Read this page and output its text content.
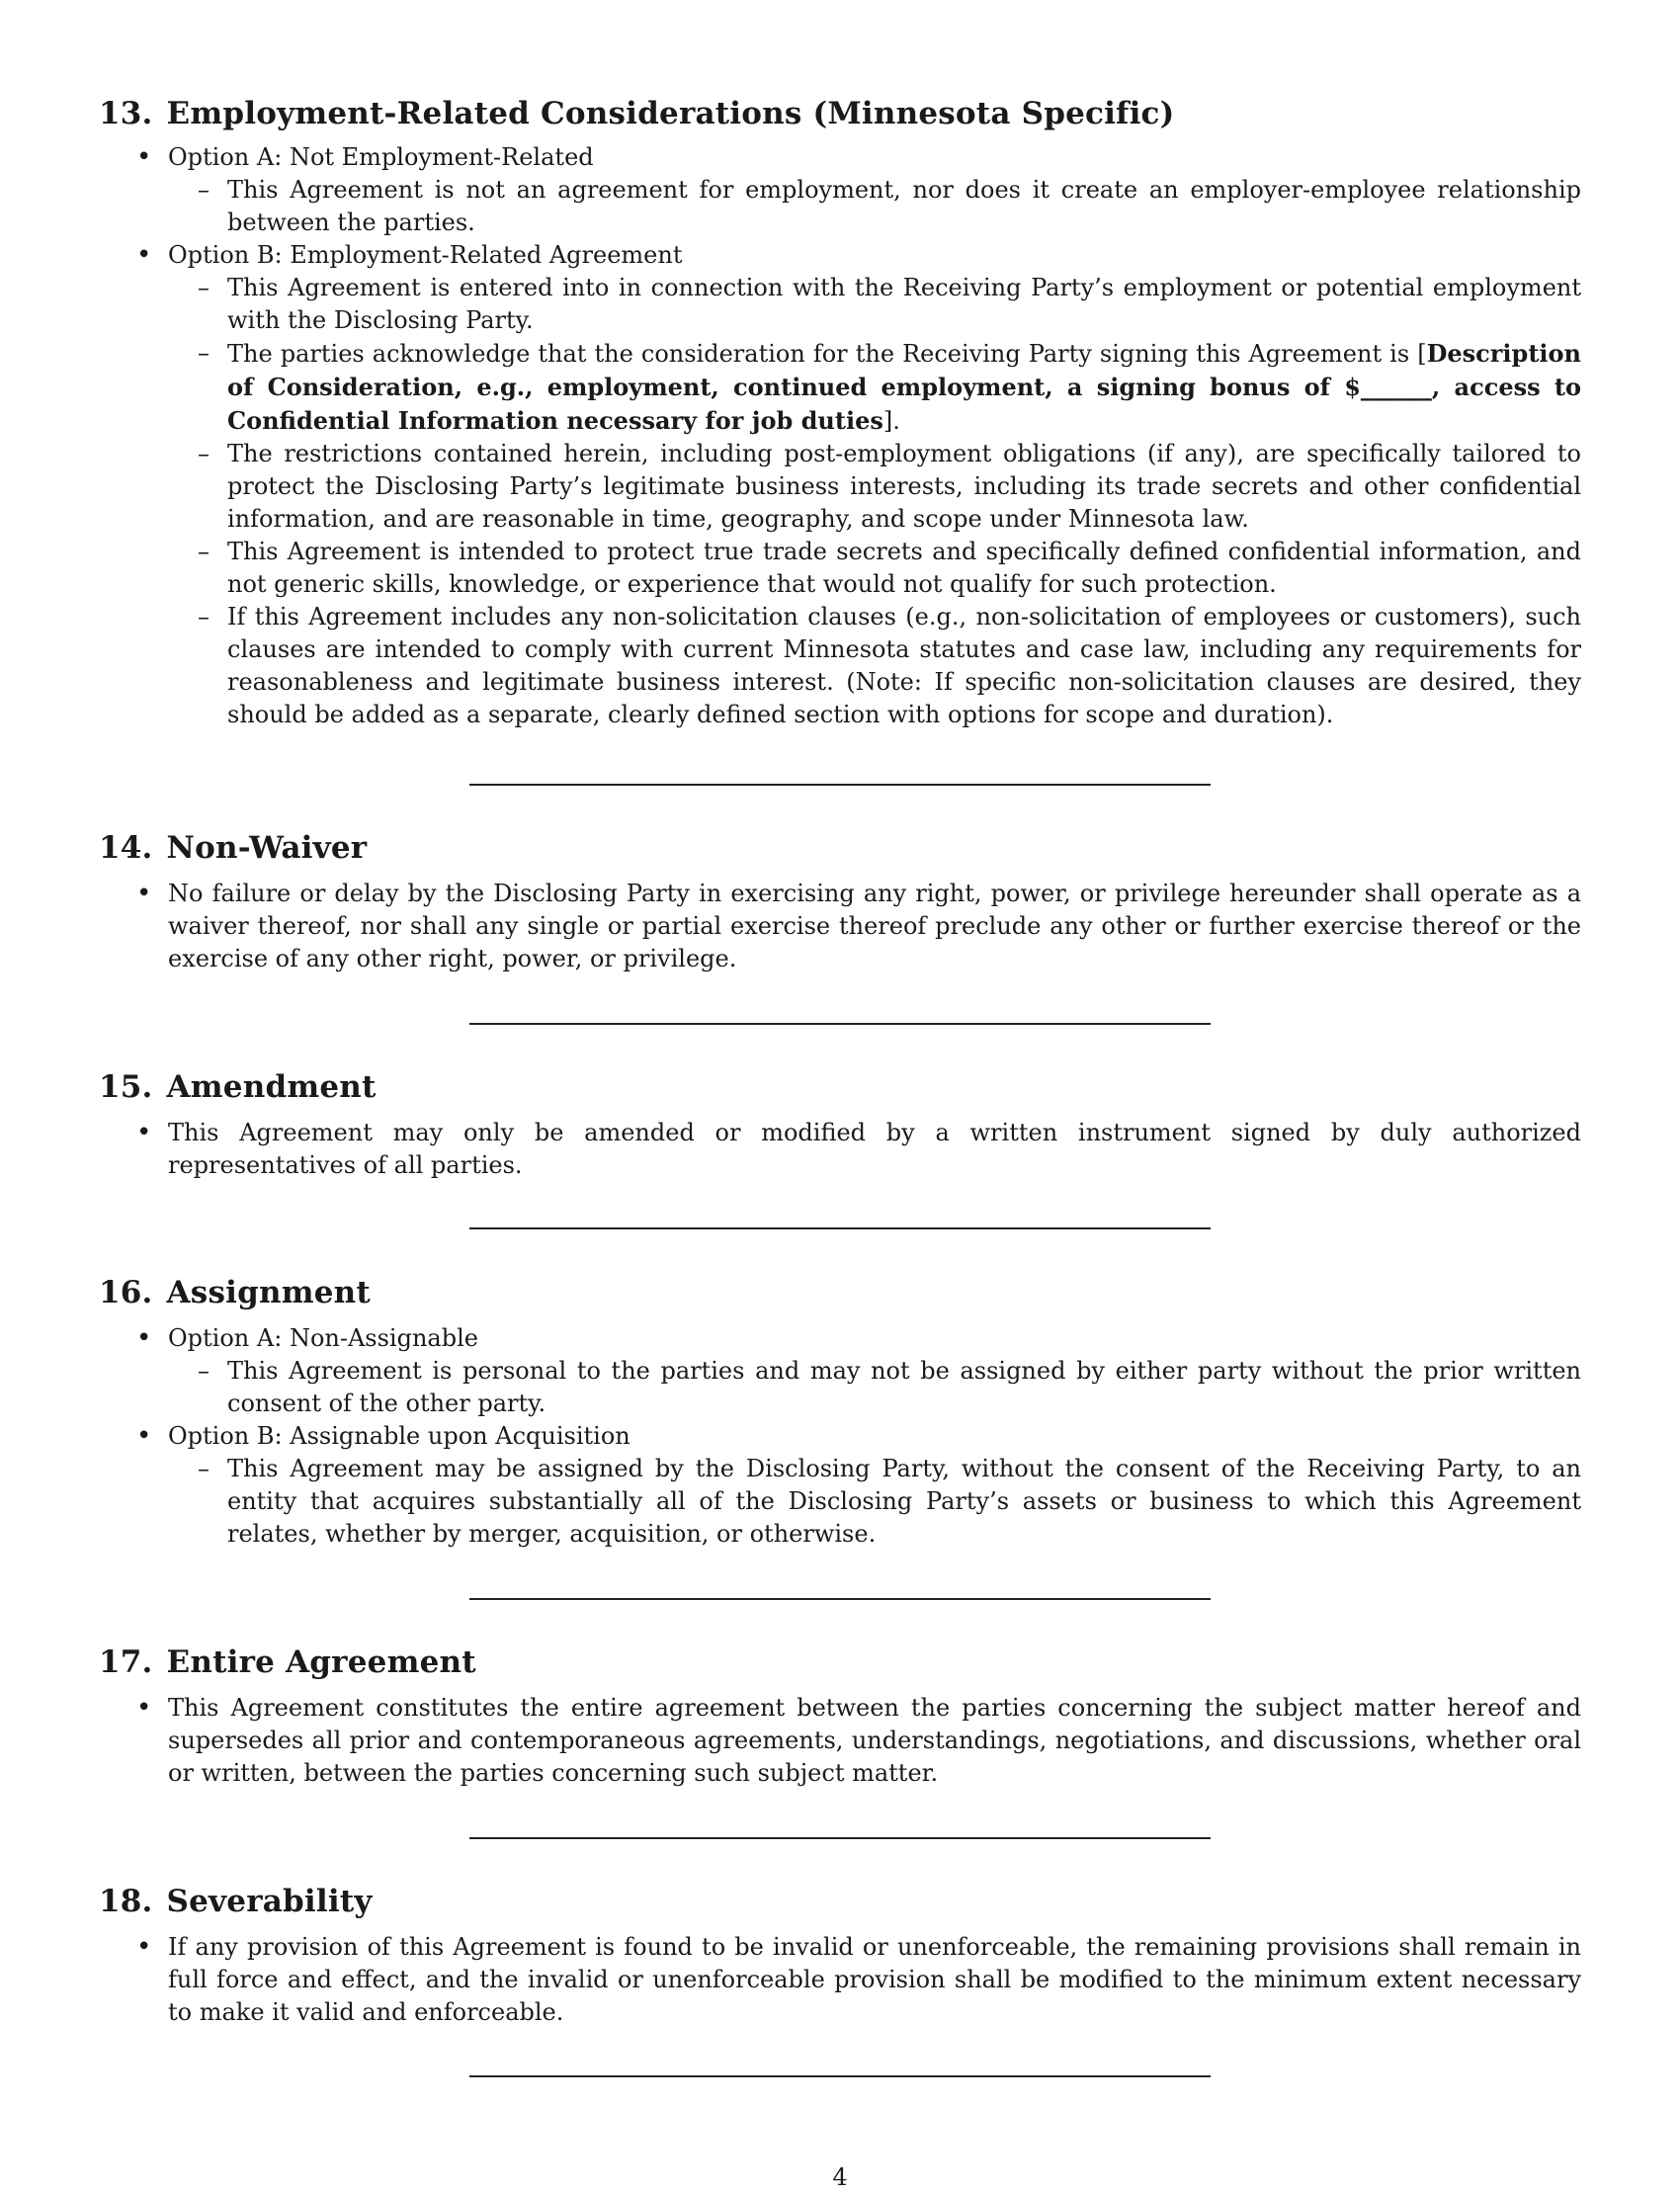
13. Employment-Related Considerations (Minnesota Specific)
• Option A: Not Employment-Related

– This Agreement is not an agreement for employment, nor does it create an employer-employee relationship between the parties.

• Option B: Employment-Related Agreement

– This Agreement is entered into in connection with the Receiving Party’s employment or potential employment with the Disclosing Party.

– The parties acknowledge that the consideration for the Receiving Party signing this Agreement is [Description of Consideration, e.g., employment, continued employment, a signing bonus of $______, access to Confidential Information necessary for job duties].

– The restrictions contained herein, including post-employment obligations (if any), are specifically tailored to protect the Disclosing Party’s legitimate business interests, including its trade secrets and other confidential information, and are reasonable in time, geography, and scope under Minnesota law.

– This Agreement is intended to protect true trade secrets and specifically defined confidential information, and not generic skills, knowledge, or experience that would not qualify for such protection.

– If this Agreement includes any non-solicitation clauses (e.g., non-solicitation of employees or customers), such clauses are intended to comply with current Minnesota statutes and case law, including any requirements for reasonableness and legitimate business interest. (Note: If specific non-solicitation clauses are desired, they should be added as a separate, clearly defined section with options for scope and duration).

14. Non-Waiver
• No failure or delay by the Disclosing Party in exercising any right, power, or privilege hereunder shall operate as a waiver thereof, nor shall any single or partial exercise thereof preclude any other or further exercise thereof or the exercise of any other right, power, or privilege.

15. Amendment
• This Agreement may only be amended or modified by a written instrument signed by duly authorized representatives of all parties.

16. Assignment
• Option A: Non-Assignable

– This Agreement is personal to the parties and may not be assigned by either party without the prior written consent of the other party.

• Option B: Assignable upon Acquisition

– This Agreement may be assigned by the Disclosing Party, without the consent of the Receiving Party, to an entity that acquires substantially all of the Disclosing Party’s assets or business to which this Agreement relates, whether by merger, acquisition, or otherwise.

17. Entire Agreement
• This Agreement constitutes the entire agreement between the parties concerning the subject matter hereof and supersedes all prior and contemporaneous agreements, understandings, negotiations, and discussions, whether oral or written, between the parties concerning such subject matter.

18. Severability
• If any provision of this Agreement is found to be invalid or unenforceable, the remaining provisions shall remain in full force and effect, and the invalid or unenforceable provision shall be modified to the minimum extent necessary to make it valid and enforceable.

4
